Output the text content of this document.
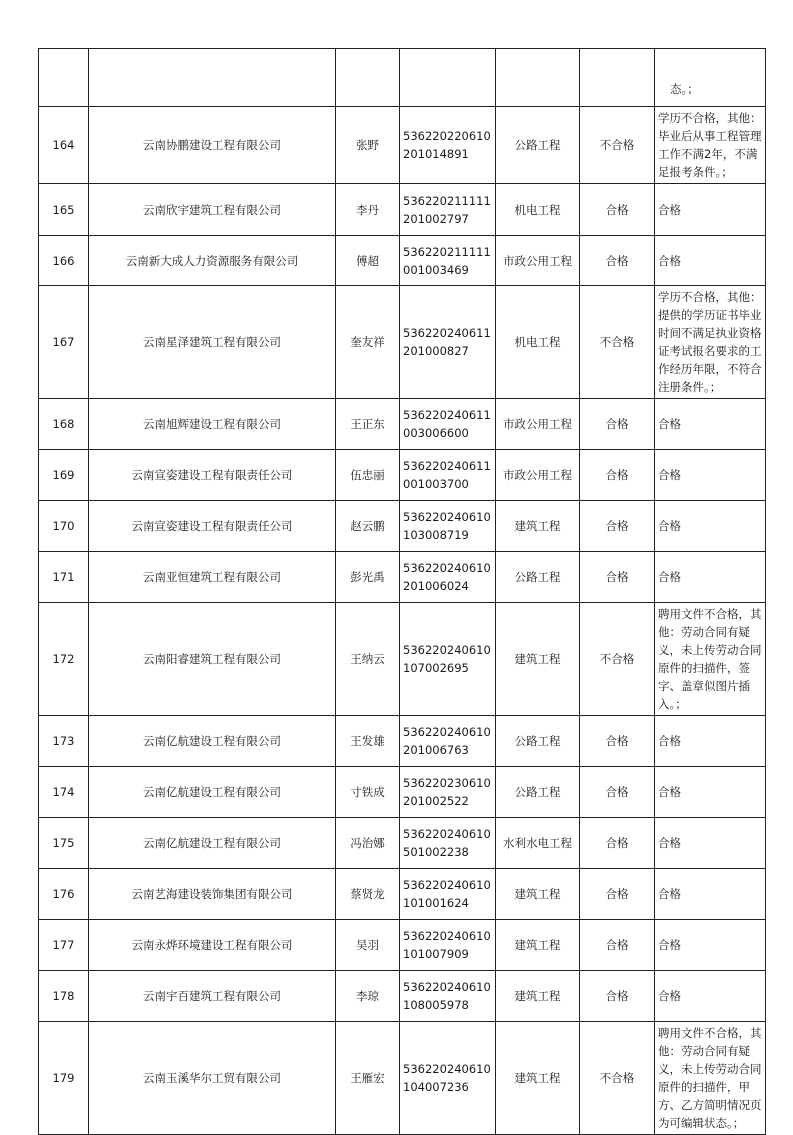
						态。；
164	云南协鹏建设工程有限公司	张野	536220220610201014891	公路工程	不合格	学历不合格，其他：毕业后从事工程管理工作不满2年，不满足报考条件。；
165	云南欣宇建筑工程有限公司	李丹	536220211111201002797	机电工程	合格	合格
166	云南新大成人力资源服务有限公司	傅超	536220211111001003469	市政公用工程	合格	合格
167	云南星泽建筑工程有限公司	奎友祥	536220240611201000827	机电工程	不合格	学历不合格，其他：提供的学历证书毕业时间不满足执业资格证考试报名要求的工作经历年限，不符合注册条件。；
168	云南旭辉建设工程有限公司	王正东	536220240611003006600	市政公用工程	合格	合格
169	云南宣姿建设工程有限责任公司	伍忠丽	536220240611001003700	市政公用工程	合格	合格
170	云南宣姿建设工程有限责任公司	赵云鹏	536220240610103008719	建筑工程	合格	合格
171	云南亚恒建筑工程有限公司	彭光禹	536220240610201006024	公路工程	合格	合格
172	云南阳睿建筑工程有限公司	王纳云	536220240610107002695	建筑工程	不合格	聘用文件不合格，其他：劳动合同有疑义，未上传劳动合同原件的扫描件，签字、盖章似图片插入。；
173	云南亿航建设工程有限公司	王发雄	536220240610201006763	公路工程	合格	合格
174	云南亿航建设工程有限公司	寸铁成	536220230610201002522	公路工程	合格	合格
175	云南亿航建设工程有限公司	冯治娜	536220240610501002238	水利水电工程	合格	合格
176	云南艺海建设装饰集团有限公司	蔡贤龙	536220240610101001624	建筑工程	合格	合格
177	云南永烨环境建设工程有限公司	吴羽	536220240610101007909	建筑工程	合格	合格
178	云南宇百建筑工程有限公司	李琼	536220240610108005978	建筑工程	合格	合格
179	云南玉溪华尔工贸有限公司	王雁宏	536220240610104007236	建筑工程	不合格	聘用文件不合格，其他：劳动合同有疑义，未上传劳动合同原件的扫描件，甲方、乙方简明情况页为可编辑状态。；
